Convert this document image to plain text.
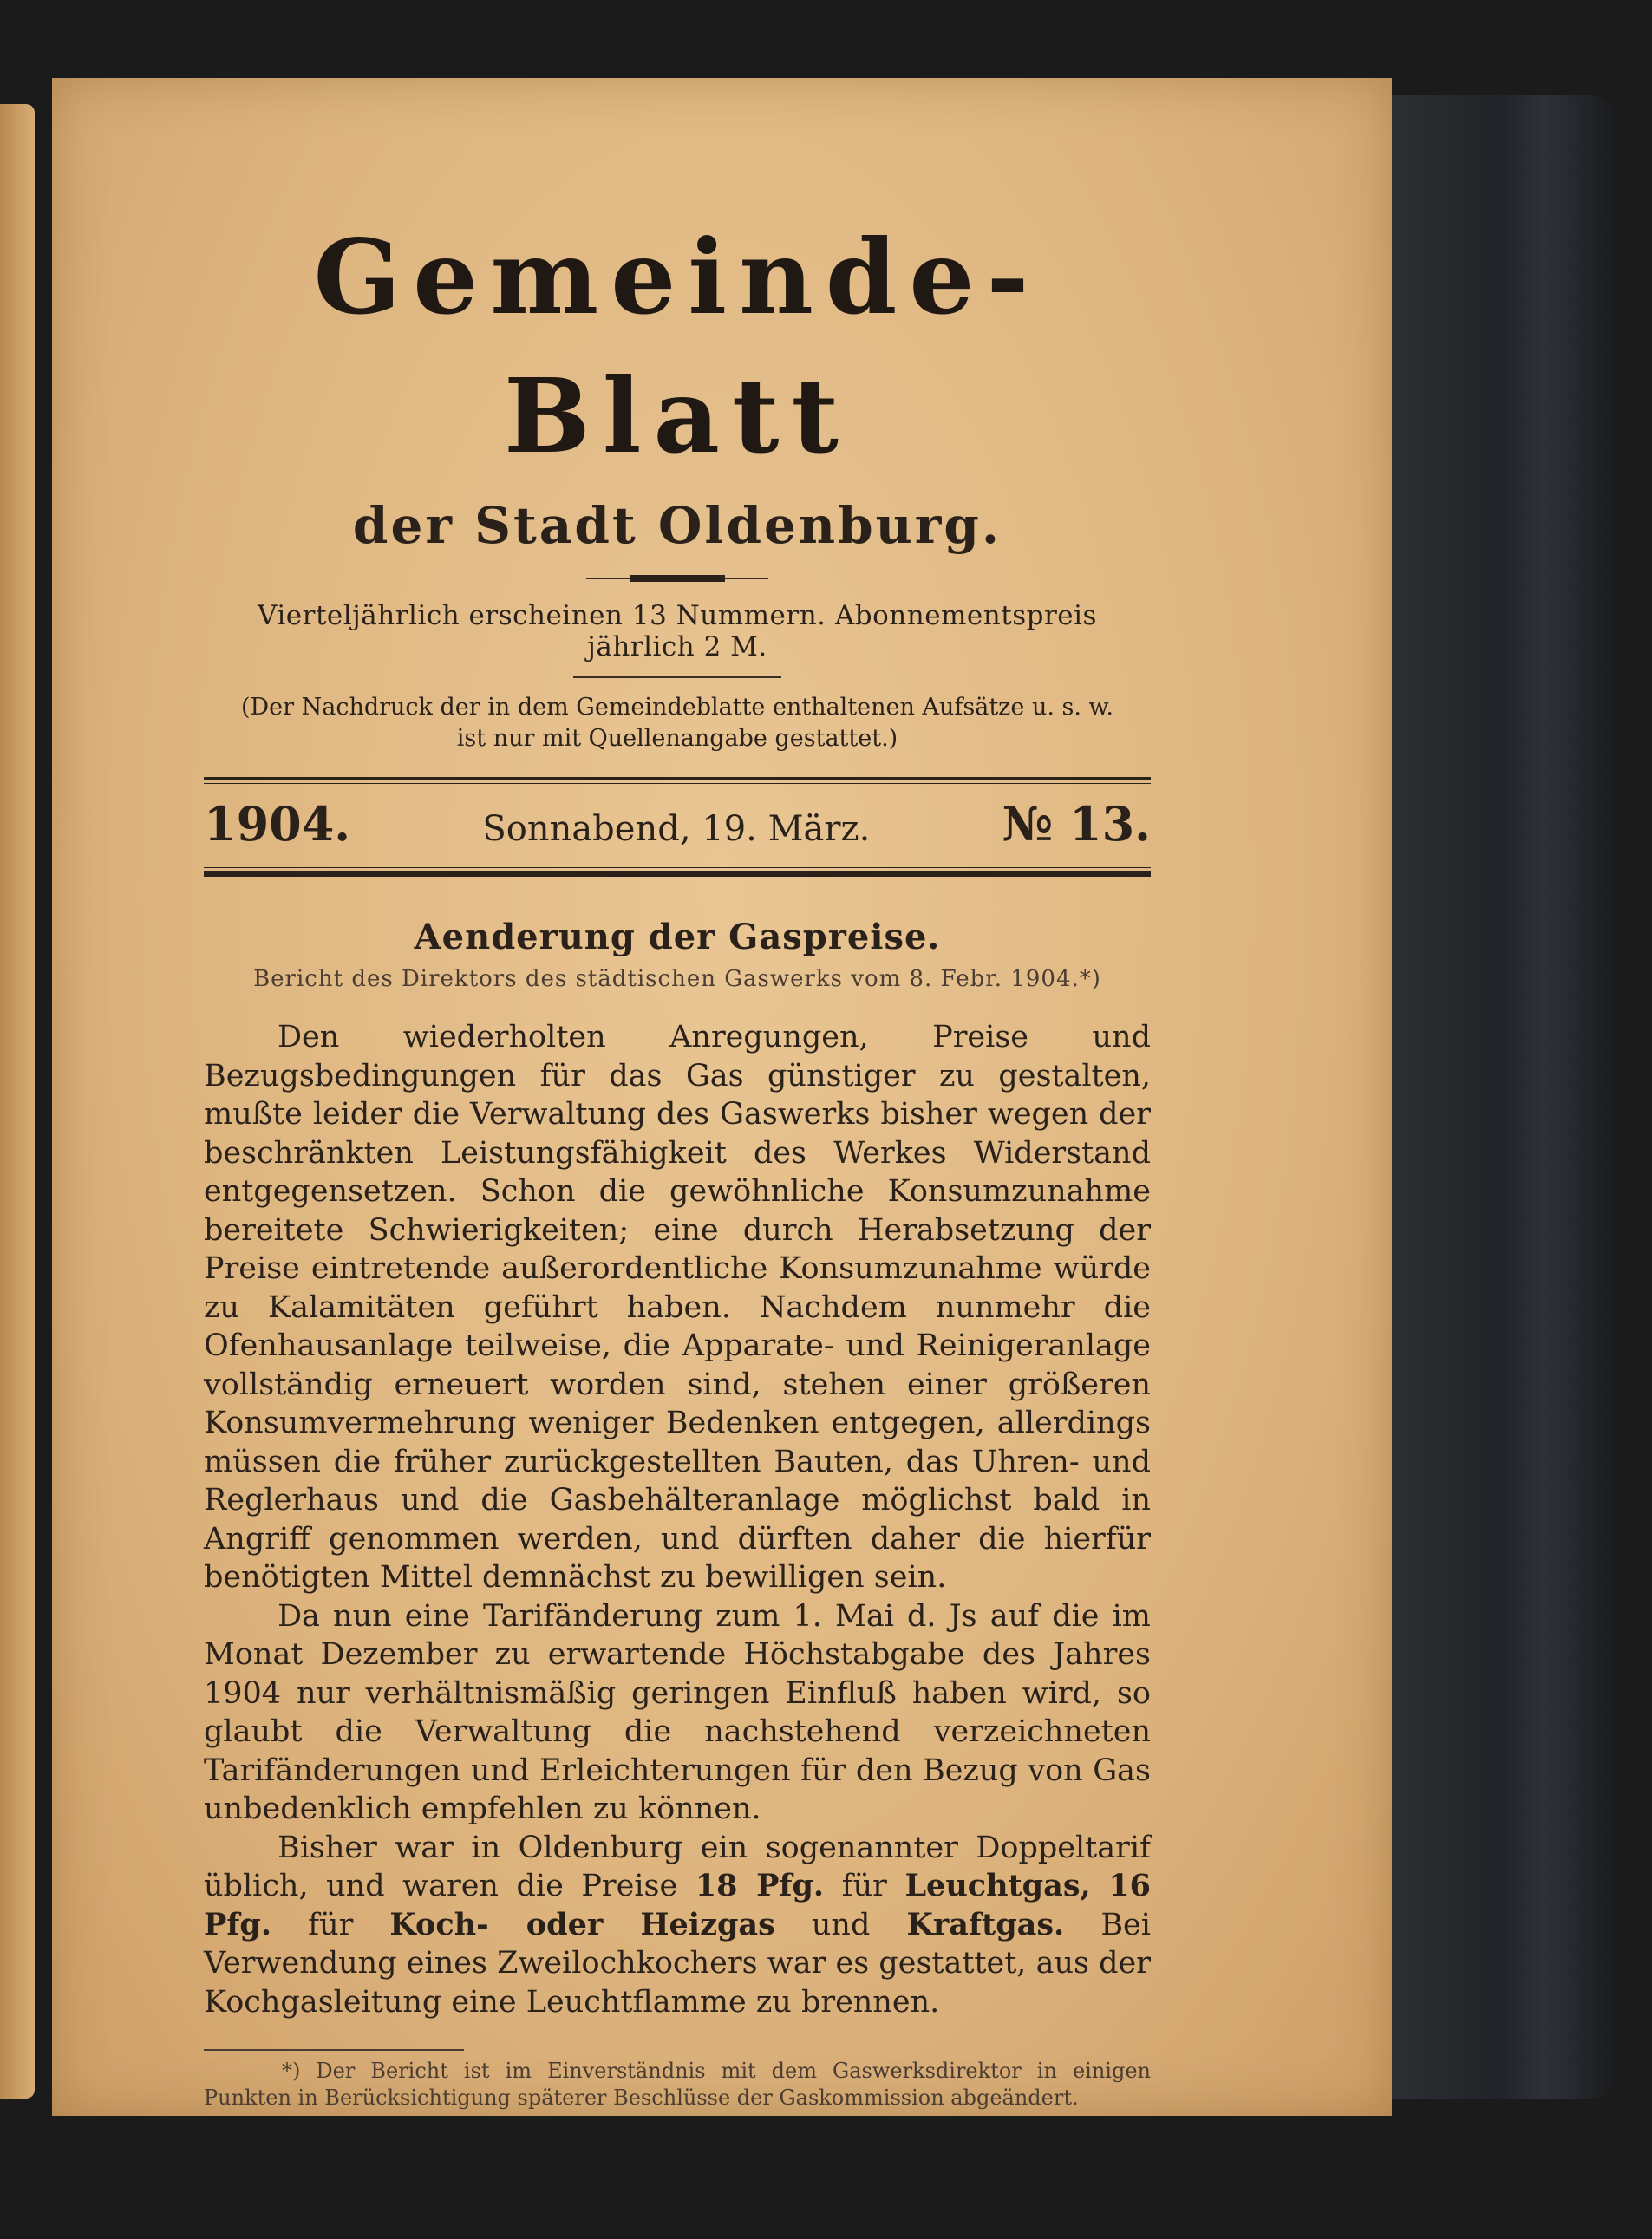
Gemeinde-Blatt
der Stadt Oldenburg.
Vierteljährlich erscheinen 13 Nummern. Abonnementspreis jährlich 2 M.
(Der Nachdruck der in dem Gemeindeblatte enthaltenen Aufsätze u. s. w.
ist nur mit Quellenangabe gestattet.)
1904.	Sonnabend, 19. März.	№ 13.
Aenderung der Gaspreise.
Bericht des Direktors des städtischen Gaswerks vom 8. Febr. 1904.*)

Den wiederholten Anregungen, Preise und Bezugsbedingungen für das Gas günstiger zu gestalten, mußte leider die Verwaltung des Gaswerks bisher wegen der beschränkten Leistungsfähigkeit des Werkes Widerstand entgegensetzen. Schon die gewöhnliche Konsumzunahme bereitete Schwierigkeiten; eine durch Herabsetzung der Preise eintretende außerordentliche Konsumzunahme würde zu Kalamitäten geführt haben. Nachdem nunmehr die Ofenhausanlage teilweise, die Apparate- und Reinigeranlage vollständig erneuert worden sind, stehen einer größeren Konsumvermehrung weniger Bedenken entgegen, allerdings müssen die früher zurückgestellten Bauten, das Uhren- und Reglerhaus und die Gasbehälteranlage möglichst bald in Angriff genommen werden, und dürften daher die hierfür benötigten Mittel demnächst zu bewilligen sein.

Da nun eine Tarifänderung zum 1. Mai d. Js auf die im Monat Dezember zu erwartende Höchstabgabe des Jahres 1904 nur verhältnismäßig geringen Einfluß haben wird, so glaubt die Verwaltung die nachstehend verzeichneten Tarifänderungen und Erleichterungen für den Bezug von Gas unbedenklich empfehlen zu können.

Bisher war in Oldenburg ein sogenannter Doppeltarif üblich, und waren die Preise 18 Pfg. für Leuchtgas, 16 Pfg. für Koch- oder Heizgas und Kraftgas. Bei Verwendung eines Zweilochkochers war es gestattet, aus der Kochgasleitung eine Leuchtflamme zu brennen.

*) Der Bericht ist im Einverständnis mit dem Gaswerksdirektor in einigen Punkten in Berücksichtigung späterer Beschlüsse der Gaskommission abgeändert.
